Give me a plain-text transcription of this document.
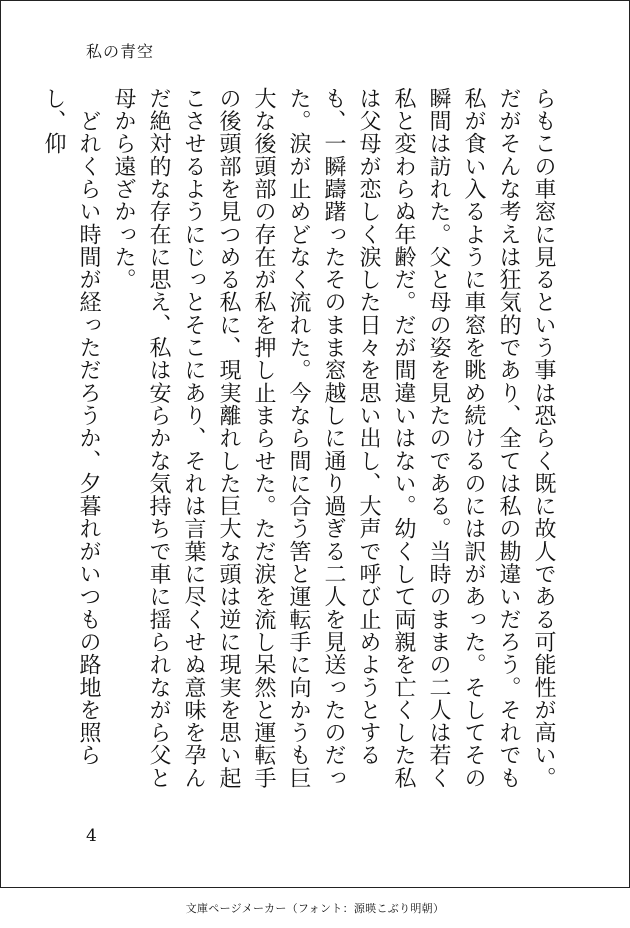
私の青空

らもこの車窓に見るという事は恐らく既に故人である可能性が高い。だがそんな考えは狂気的であり、全ては私の勘違いだろう。それでも私が食い入るように車窓を眺め続けるのには訳があった。そしてその瞬間は訪れた。父と母の姿を見たのである。当時のままの二人は若く私と変わらぬ年齢だ。だが間違いはない。幼くして両親を亡くした私は父母が恋しく涙した日々を思い出し、大声で呼び止めようとするも、一瞬躊躇ったそのまま窓越しに通り過ぎる二人を見送ったのだった。涙が止めどなく流れた。今なら間に合う筈と運転手に向かうも巨大な後頭部の存在が私を押し止まらせた。ただ涙を流し呆然と運転手の後頭部を見つめる私に、現実離れした巨大な頭は逆に現実を思い起こさせるようにじっとそこにあり、それは言葉に尽くせぬ意味を孕んだ絶対的な存在に思え、私は安らかな気持ちで車に揺られながら父と母から遠ざかった。

　どれくらい時間が経っただろうか、夕暮れがいつもの路地を照らし、仰

4
文庫ページメーカー（フォント：源暎こぶり明朝）
